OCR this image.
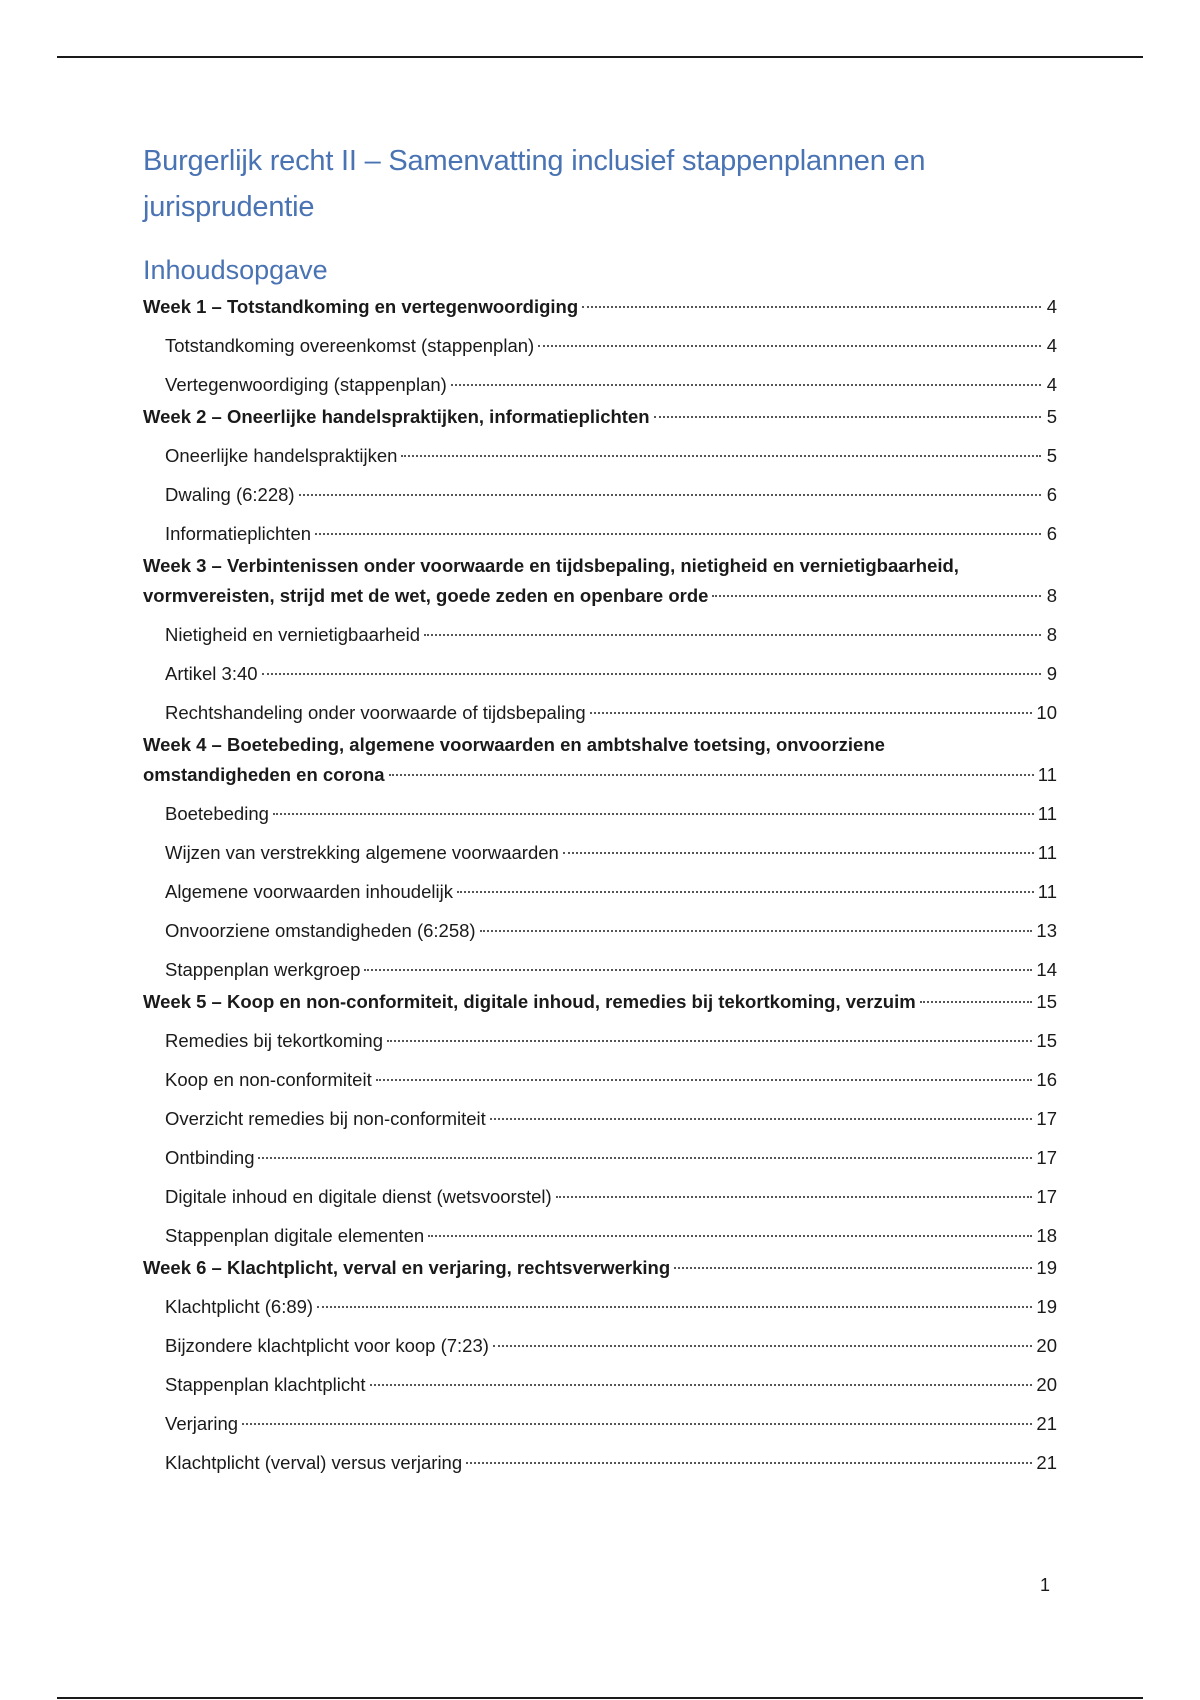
Burgerlijk recht II – Samenvatting inclusief stappenplannen en
jurisprudentie
Inhoudsopgave
Week 1 – Totstandkoming en vertegenwoordiging	4
Totstandkoming overeenkomst (stappenplan)	4
Vertegenwoordiging (stappenplan)	4
Week 2 – Oneerlijke handelspraktijken, informatieplichten	5
Oneerlijke handelspraktijken	5
Dwaling (6:228)	6
Informatieplichten	6
Week 3 – Verbintenissen onder voorwaarde en tijdsbepaling, nietigheid en vernietigbaarheid,
vormvereisten, strijd met de wet, goede zeden en openbare orde	8
Nietigheid en vernietigbaarheid	8
Artikel 3:40	9
Rechtshandeling onder voorwaarde of tijdsbepaling	10
Week 4 – Boetebeding, algemene voorwaarden en ambtshalve toetsing, onvoorziene
omstandigheden en corona	11
Boetebeding	11
Wijzen van verstrekking algemene voorwaarden	11
Algemene voorwaarden inhoudelijk	11
Onvoorziene omstandigheden (6:258)	13
Stappenplan werkgroep	14
Week 5 – Koop en non-conformiteit, digitale inhoud, remedies bij tekortkoming, verzuim	15
Remedies bij tekortkoming	15
Koop en non-conformiteit	16
Overzicht remedies bij non-conformiteit	17
Ontbinding	17
Digitale inhoud en digitale dienst (wetsvoorstel)	17
Stappenplan digitale elementen	18
Week 6 – Klachtplicht, verval en verjaring, rechtsverwerking	19
Klachtplicht (6:89)	19
Bijzondere klachtplicht voor koop (7:23)	20
Stappenplan klachtplicht	20
Verjaring	21
Klachtplicht (verval) versus verjaring	21
1
